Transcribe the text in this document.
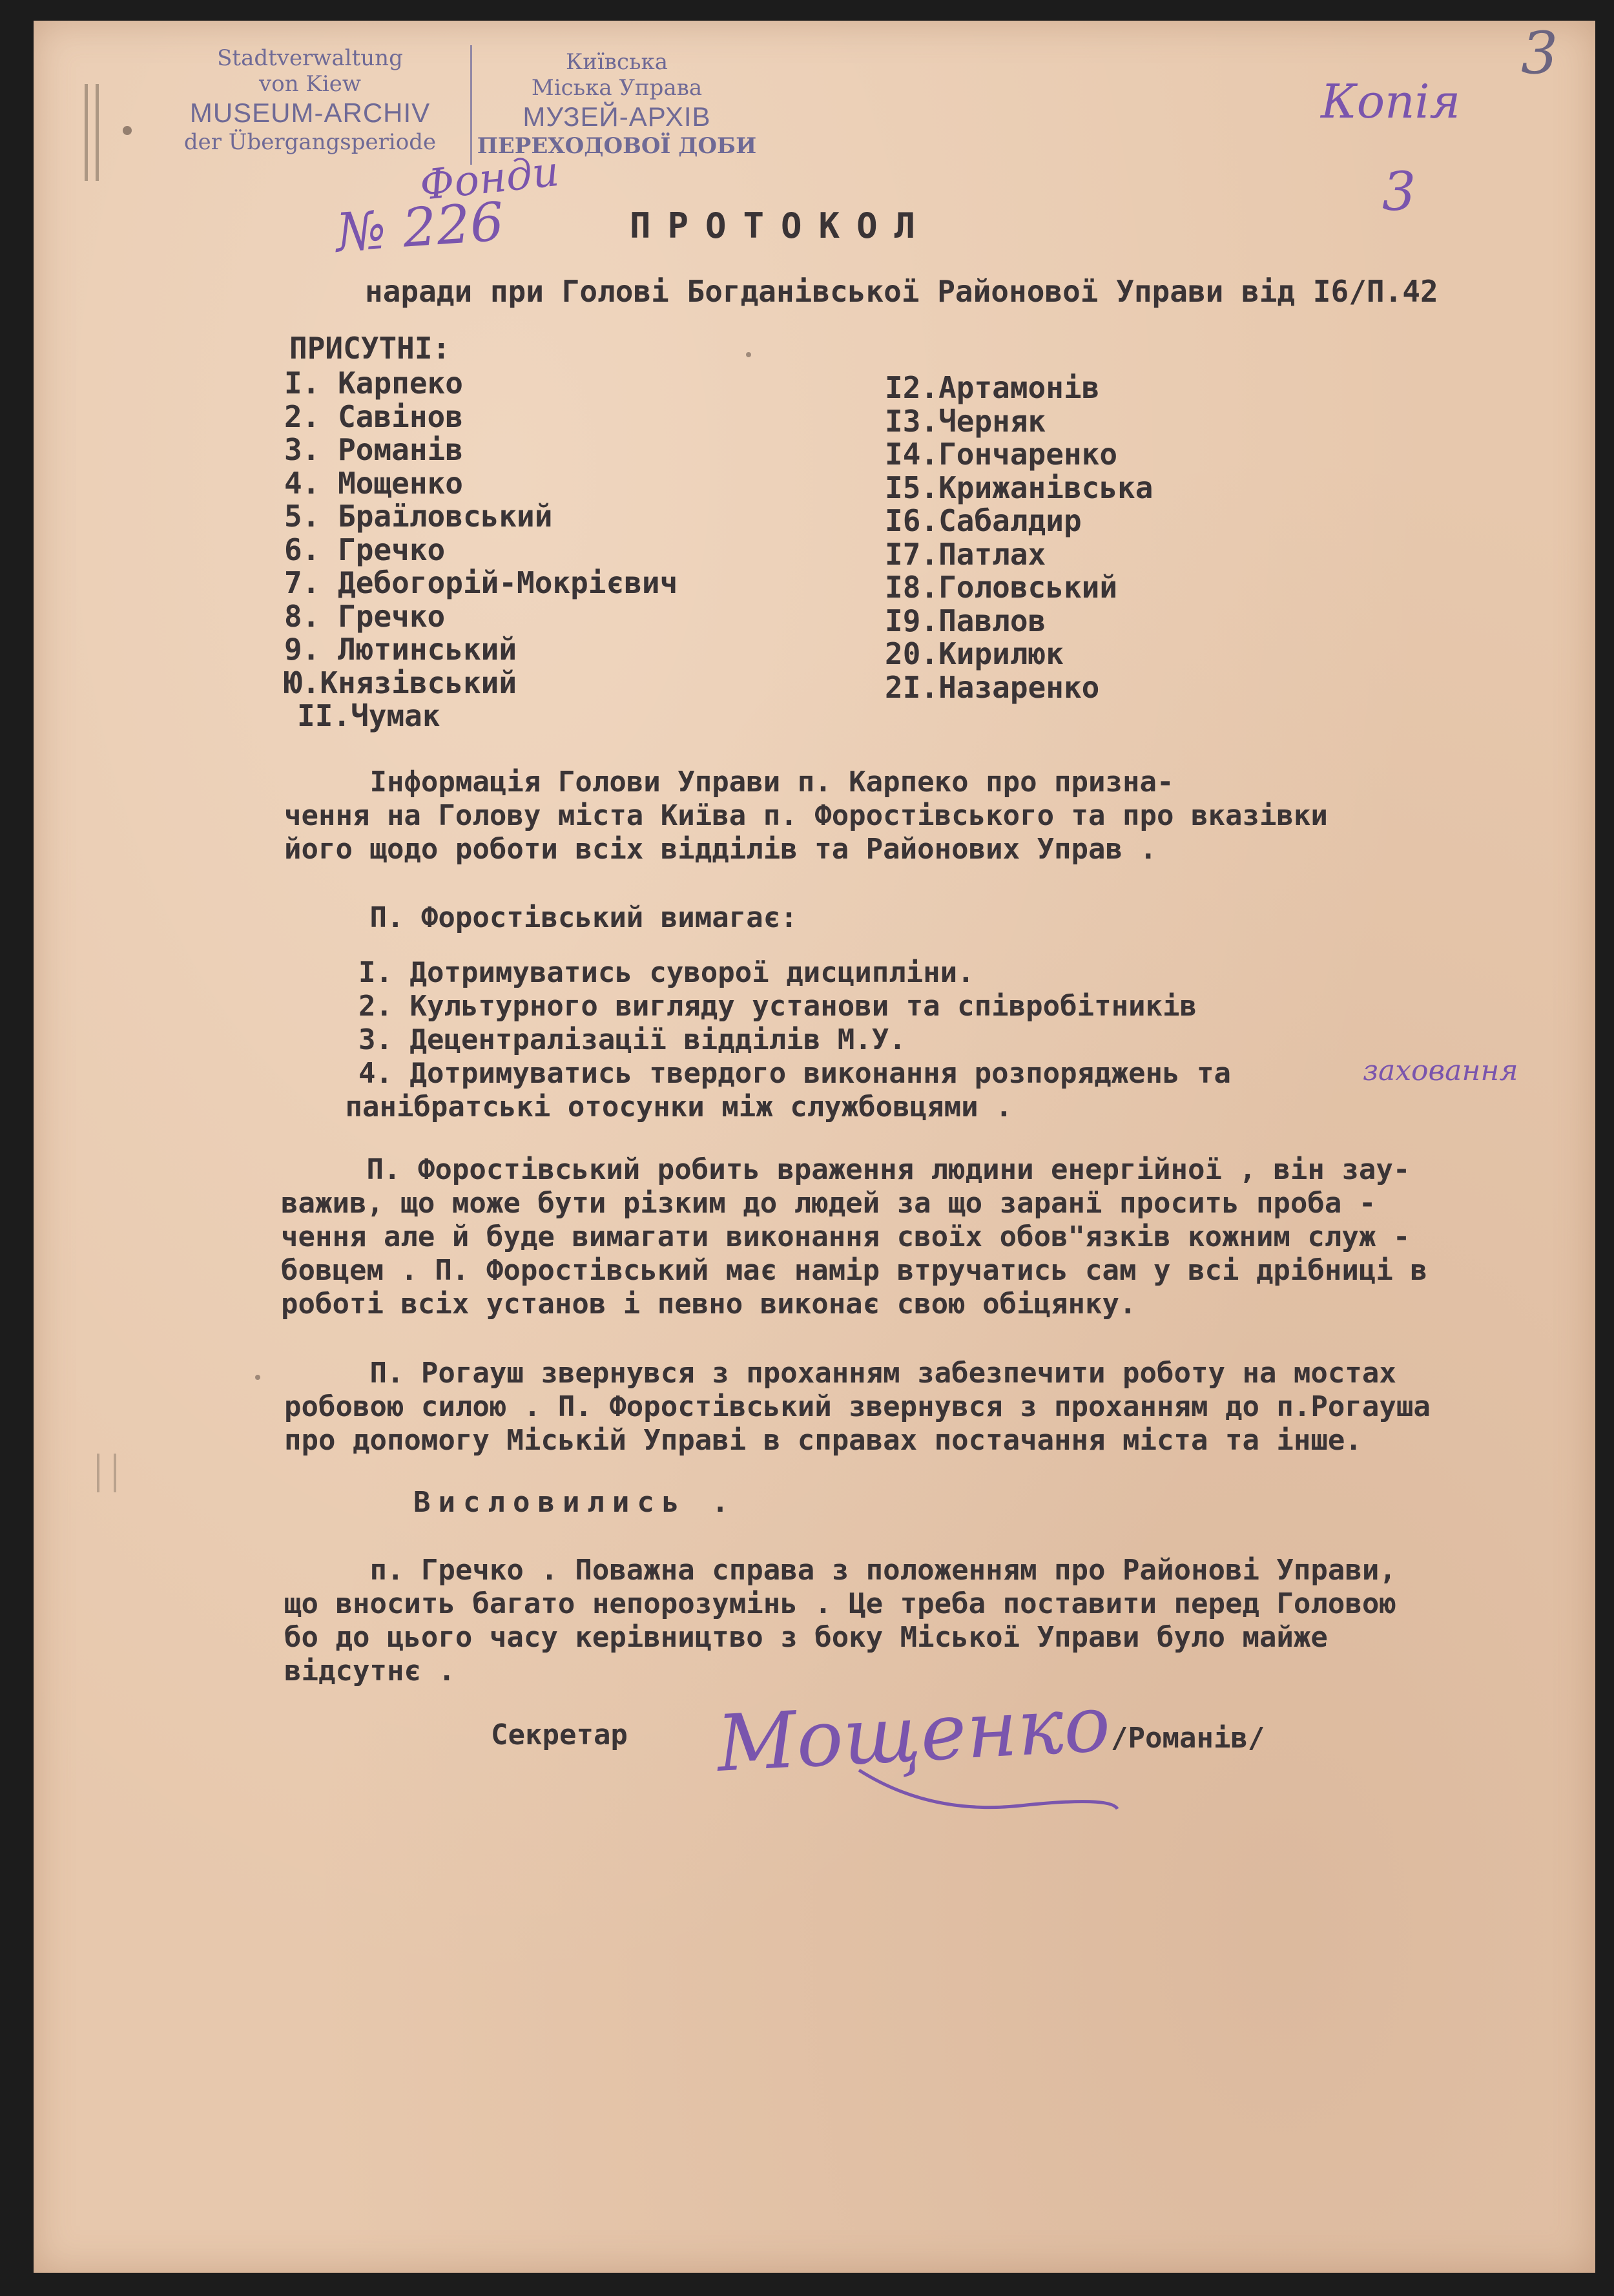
Stadtverwaltung
von Kiew
MUSEUM-ARCHIV
der Übergangsperiode
Київська
Міська Управа
МУЗЕЙ-АРХІВ
ПЕРЕХОДОВОЇ ДОБИ
3
Копія
3
Фонди
№ 226	ПРОТОКОЛ
наради при Голові Богданівської Районової Управи від І6/П.42
ПРИСУТНІ:
І. Карпеко
2. Савінов
3. Романів
4. Мощенко
5. Браїловський
6. Гречко
7. Дебогорій-Мокрієвич
8. Гречко
9. Лютинський
Ю.Князівський
ІІ.Чумак
І2.Артамонів
ІЗ.Черняк
І4.Гончаренко
І5.Крижанівська
І6.Сабалдир
І7.Патлах
І8.Головський
І9.Павлов
20.Кирилюк
2І.Назаренко
Інформація Голови Управи п. Карпеко про призна-
чення на Голову міста Київа п. Форостівського та про вказівки
його щодо роботи всіх відділів та Районових Управ .
П. Форостівський вимагає:
І. Дотримуватись суворої дисципліни.
2. Культурного вигляду установи та співробітників
3. Децентралізації відділів М.У.
4. Дотримуватись твердого виконання розпоряджень та
панібратські отосунки між службовцями .
заховання
П. Форостівський робить враження людини енергійної , він зау-
важив, що може бути різким до людей за що заранї просить проба -
чення але й буде вимагати виконання своїх обов"язків кожним служ -
бовцем . П. Форостівський має намір втручатись сам у всі дрібниці в
роботі всіх установ і певно виконає свою обіцянку.
П. Рогауш звернувся з проханням забезпечити роботу на мостах
робовою силою . П. Форостівський звернувся з проханням до п.Рогауша
про допомогу Міській Управі в справах постачання міста та інше.
Висловились .
п. Гречко . Поважна справа з положенням про Районові Управи,
що вносить багато непорозумінь . Це треба поставити перед Головою
бо до цього часу керівництво з боку Міської Управи було майже
відсутнє .
Секретар Мощенко
/Романів/
